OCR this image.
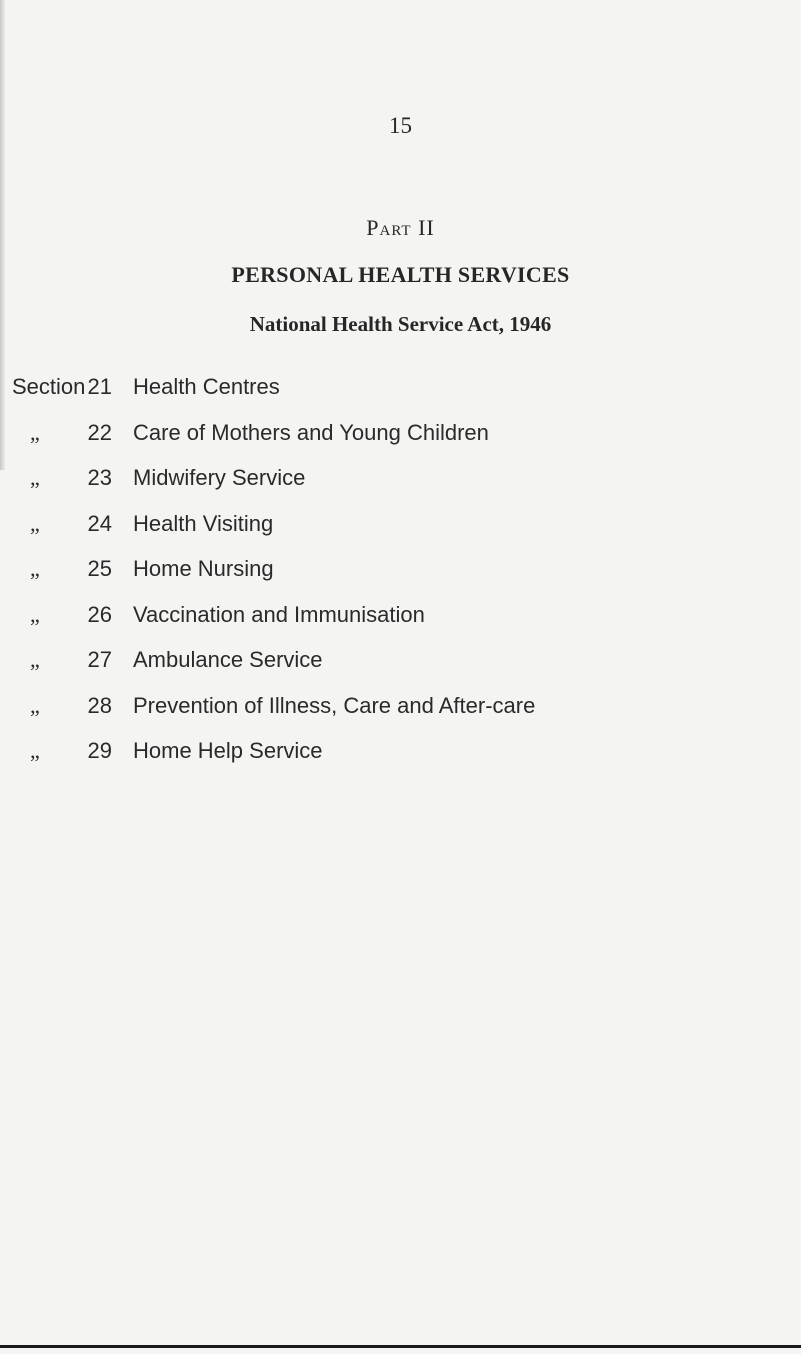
15
Part II
PERSONAL HEALTH SERVICES
National Health Service Act, 1946
Section 21 Health Centres
„ 22 Care of Mothers and Young Children
„ 23 Midwifery Service
„ 24 Health Visiting
„ 25 Home Nursing
„ 26 Vaccination and Immunisation
„ 27 Ambulance Service
„ 28 Prevention of Illness, Care and After-care
„ 29 Home Help Service
